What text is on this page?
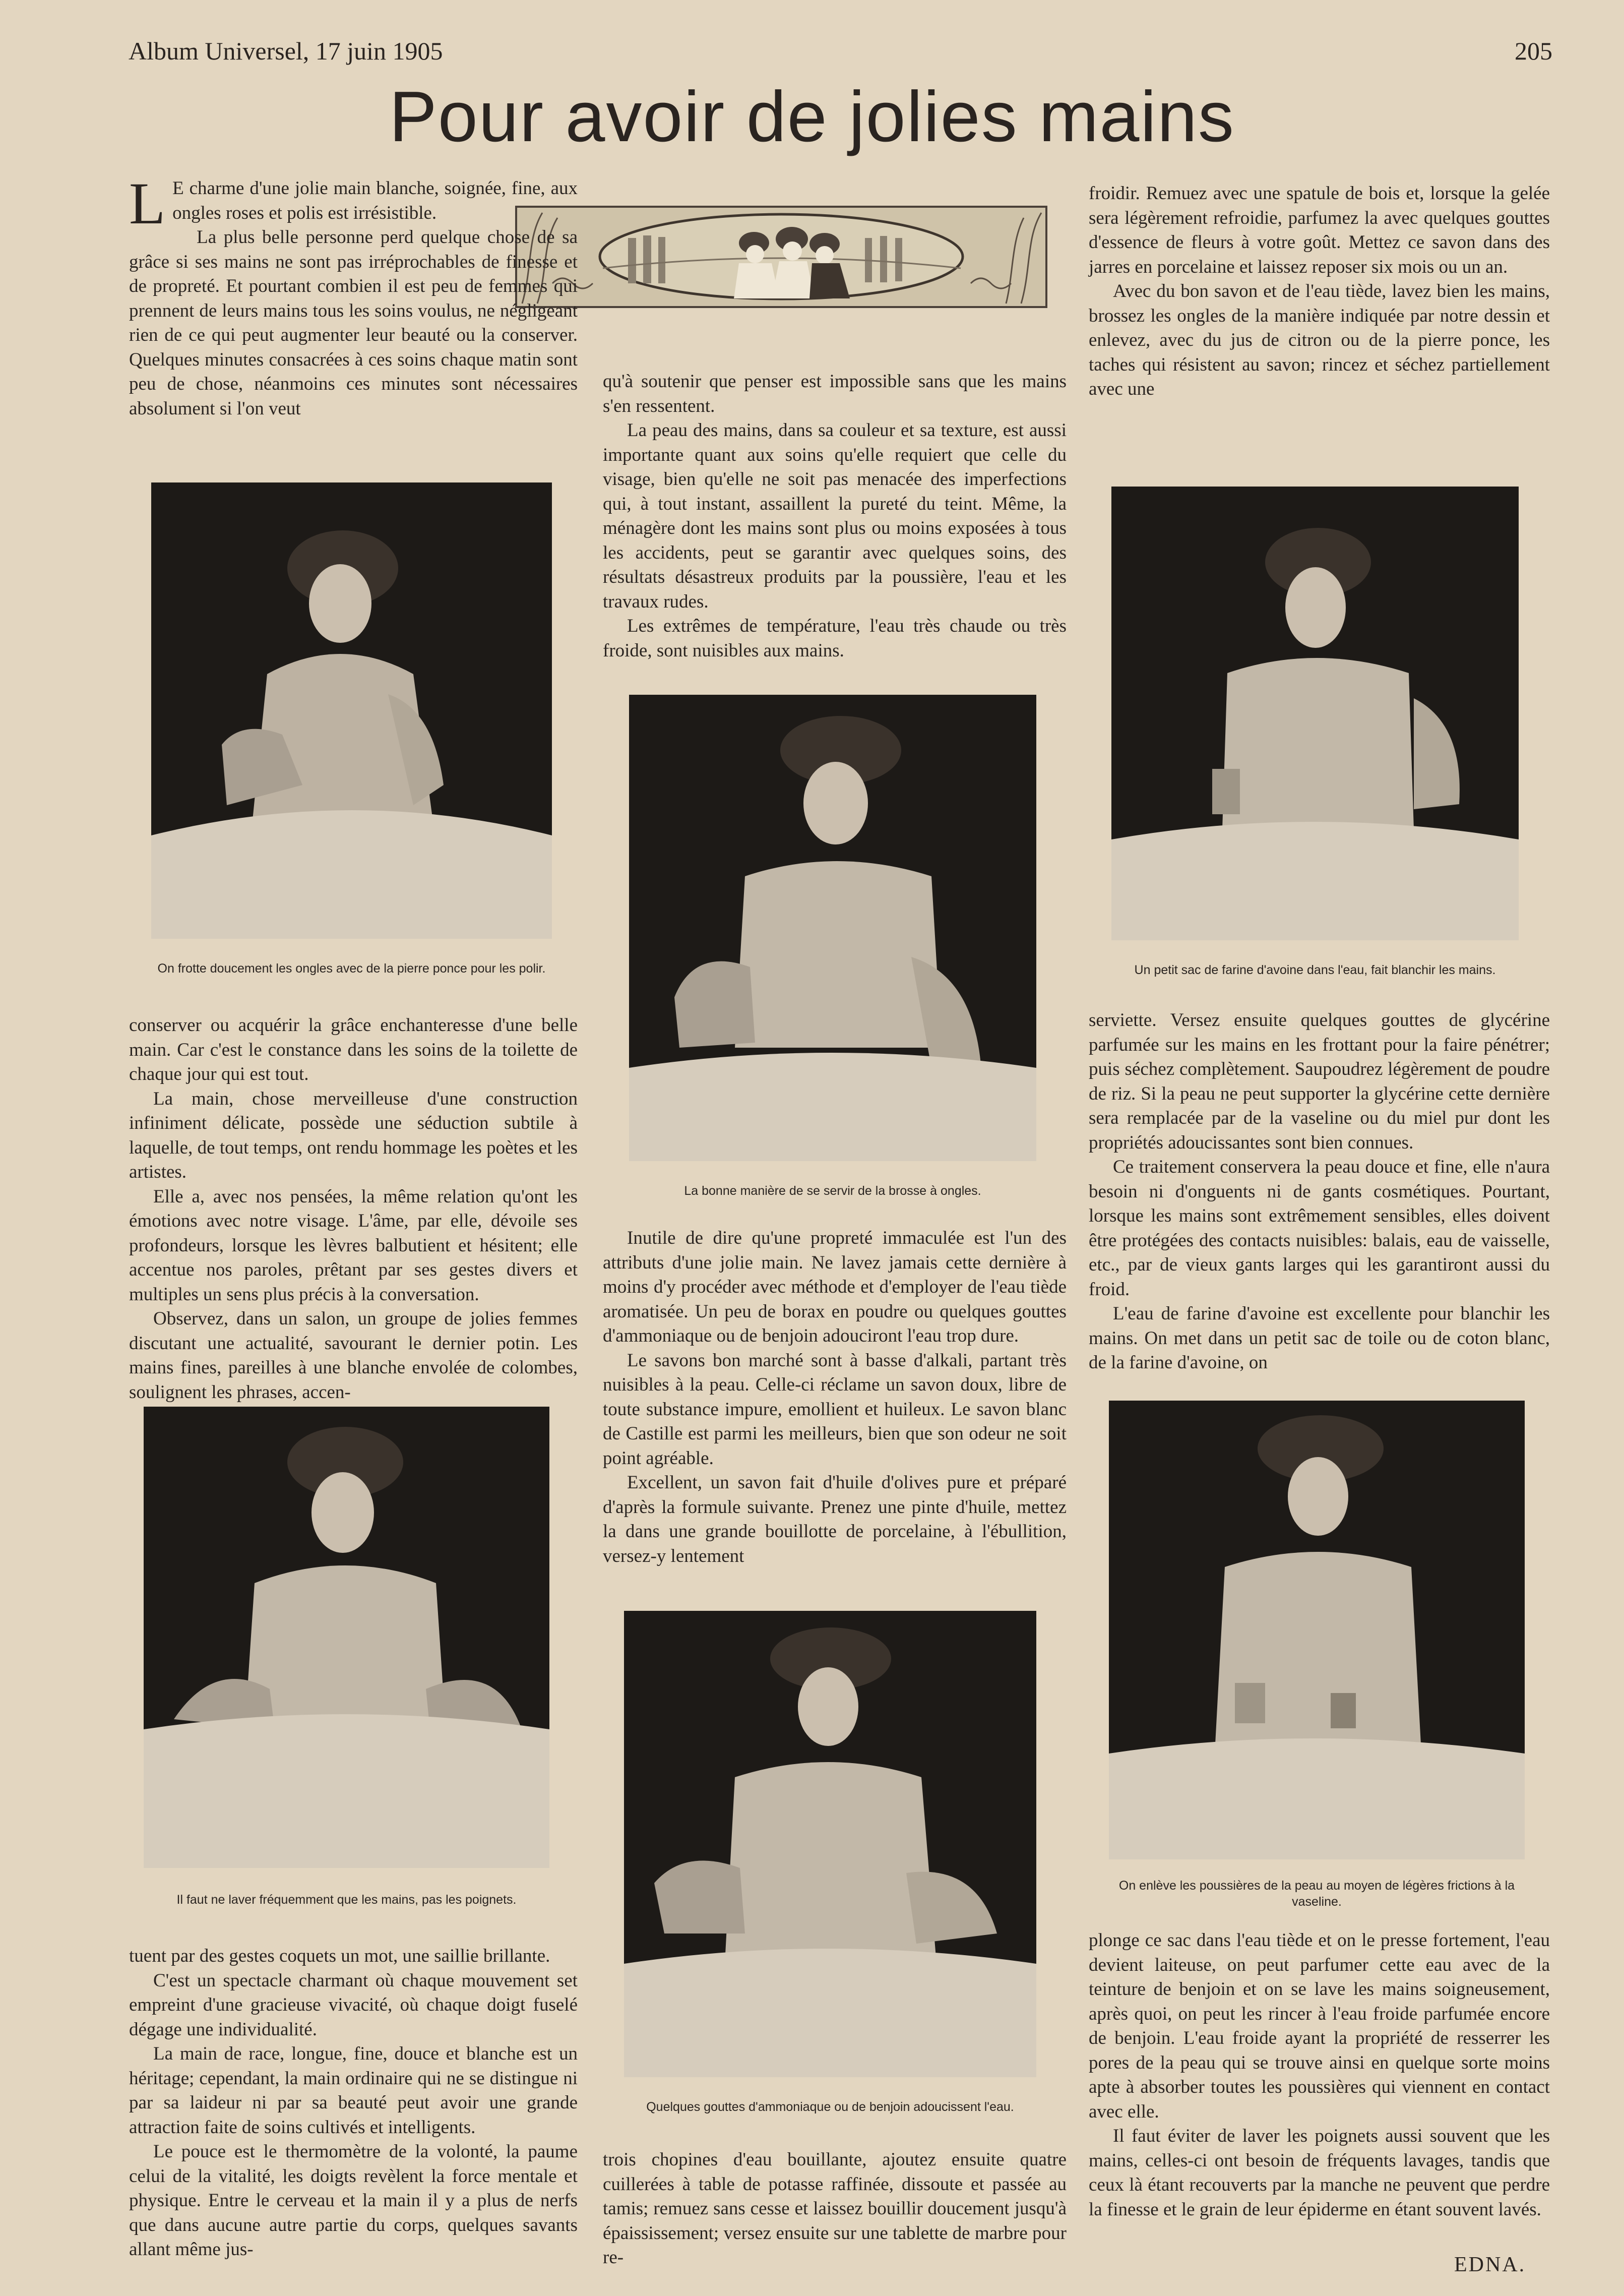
Album Universel, 17 juin 1905	205
Pour avoir de jolies mains

L E charme d'une jolie main blanche, soignée, fine, aux ongles roses et polis est irrésistible.

La plus belle personne perd quelque chose de sa grâce si ses mains ne sont pas irréprochables de finesse et de propreté. Et pourtant combien il est peu de femmes qui prennent de leurs mains tous les soins voulus, ne négligeant rien de ce qui peut augmenter leur beauté ou la conserver. Quelques minutes consacrées à ces soins chaque matin sont peu de chose, néanmoins ces minutes sont nécessaires absolument si l'on veut

On frotte doucement les ongles avec de la pierre ponce pour les polir.

conserver ou acquérir la grâce enchanteresse d'une belle main. Car c'est le constance dans les soins de la toilette de chaque jour qui est tout.

La main, chose merveilleuse d'une construction infiniment délicate, possède une séduction subtile à laquelle, de tout temps, ont rendu hommage les poètes et les artistes.

Elle a, avec nos pensées, la même relation qu'ont les émotions avec notre visage. L'âme, par elle, dévoile ses profondeurs, lorsque les lèvres balbutient et hésitent; elle accentue nos paroles, prêtant par ses gestes divers et multiples un sens plus précis à la conversation.

Observez, dans un salon, un groupe de jolies femmes discutant une actualité, savourant le dernier potin. Les mains fines, pareilles à une blanche envolée de colombes, soulignent les phrases, accen-

Il faut ne laver fréquemment que les mains, pas les poignets.

tuent par des gestes coquets un mot, une saillie brillante.

C'est un spectacle charmant où chaque mouvement set empreint d'une gracieuse vivacité, où chaque doigt fuselé dégage une individualité.

La main de race, longue, fine, douce et blanche est un héritage; cependant, la main ordinaire qui ne se distingue ni par sa laideur ni par sa beauté peut avoir une grande attraction faite de soins cultivés et intelligents.

Le pouce est le thermomètre de la volonté, la paume celui de la vitalité, les doigts revèlent la force mentale et physique. Entre le cerveau et la main il y a plus de nerfs que dans aucune autre partie du corps, quelques savants allant même jus-

qu'à soutenir que penser est impossible sans que les mains s'en ressentent.

La peau des mains, dans sa couleur et sa texture, est aussi importante quant aux soins qu'elle requiert que celle du visage, bien qu'elle ne soit pas menacée des imperfections qui, à tout instant, assaillent la pureté du teint. Même, la ménagère dont les mains sont plus ou moins exposées à tous les accidents, peut se garantir avec quelques soins, des résultats désastreux produits par la poussière, l'eau et les travaux rudes.

Les extrêmes de température, l'eau très chaude ou très froide, sont nuisibles aux mains.

La bonne manière de se servir de la brosse à ongles.

Inutile de dire qu'une propreté immaculée est l'un des attributs d'une jolie main. Ne lavez jamais cette dernière à moins d'y procéder avec méthode et d'employer de l'eau tiède aromatisée. Un peu de borax en poudre ou quelques gouttes d'ammoniaque ou de benjoin adouciront l'eau trop dure.

Le savons bon marché sont à basse d'alkali, partant très nuisibles à la peau. Celle-ci réclame un savon doux, libre de toute substance impure, emollient et huileux. Le savon blanc de Castille est parmi les meilleurs, bien que son odeur ne soit point agréable.

Excellent, un savon fait d'huile d'olives pure et préparé d'après la formule suivante. Prenez une pinte d'huile, mettez la dans une grande bouillotte de porcelaine, à l'ébullition, versez-y lentement

Quelques gouttes d'ammoniaque ou de benjoin adoucissent l'eau.

trois chopines d'eau bouillante, ajoutez ensuite quatre cuillerées à table de potasse raffinée, dissoute et passée au tamis; remuez sans cesse et laissez bouillir doucement jusqu'à épaississement; versez ensuite sur une tablette de marbre pour re-

froidir. Remuez avec une spatule de bois et, lorsque la gelée sera légèrement refroidie, parfumez la avec quelques gouttes d'essence de fleurs à votre goût. Mettez ce savon dans des jarres en porcelaine et laissez reposer six mois ou un an.

Avec du bon savon et de l'eau tiède, lavez bien les mains, brossez les ongles de la manière indiquée par notre dessin et enlevez, avec du jus de citron ou de la pierre ponce, les taches qui résistent au savon; rincez et séchez partiellement avec une

Un petit sac de farine d'avoine dans l'eau, fait blanchir les mains.

serviette. Versez ensuite quelques gouttes de glycérine parfumée sur les mains en les frottant pour la faire pénétrer; puis séchez complètement. Saupoudrez légèrement de poudre de riz. Si la peau ne peut supporter la glycérine cette dernière sera remplacée par de la vaseline ou du miel pur dont les propriétés adoucissantes sont bien connues.

Ce traitement conservera la peau douce et fine, elle n'aura besoin ni d'onguents ni de gants cosmétiques. Pourtant, lorsque les mains sont extrêmement sensibles, elles doivent être protégées des contacts nuisibles: balais, eau de vaisselle, etc., par de vieux gants larges qui les garantiront aussi du froid.

L'eau de farine d'avoine est excellente pour blanchir les mains. On met dans un petit sac de toile ou de coton blanc, de la farine d'avoine, on

On enlève les poussières de la peau au moyen de légères frictions à la vaseline.

plonge ce sac dans l'eau tiède et on le presse fortement, l'eau devient laiteuse, on peut parfumer cette eau avec de la teinture de benjoin et on se lave les mains soigneusement, après quoi, on peut les rincer à l'eau froide parfumée encore de benjoin. L'eau froide ayant la propriété de resserrer les pores de la peau qui se trouve ainsi en quelque sorte moins apte à absorber toutes les poussières qui viennent en contact avec elle.

Il faut éviter de laver les poignets aussi souvent que les mains, celles-ci ont besoin de fréquents lavages, tandis que ceux là étant recouverts par la manche ne peuvent que perdre la finesse et le grain de leur épiderme en étant souvent lavés.

EDNA.
